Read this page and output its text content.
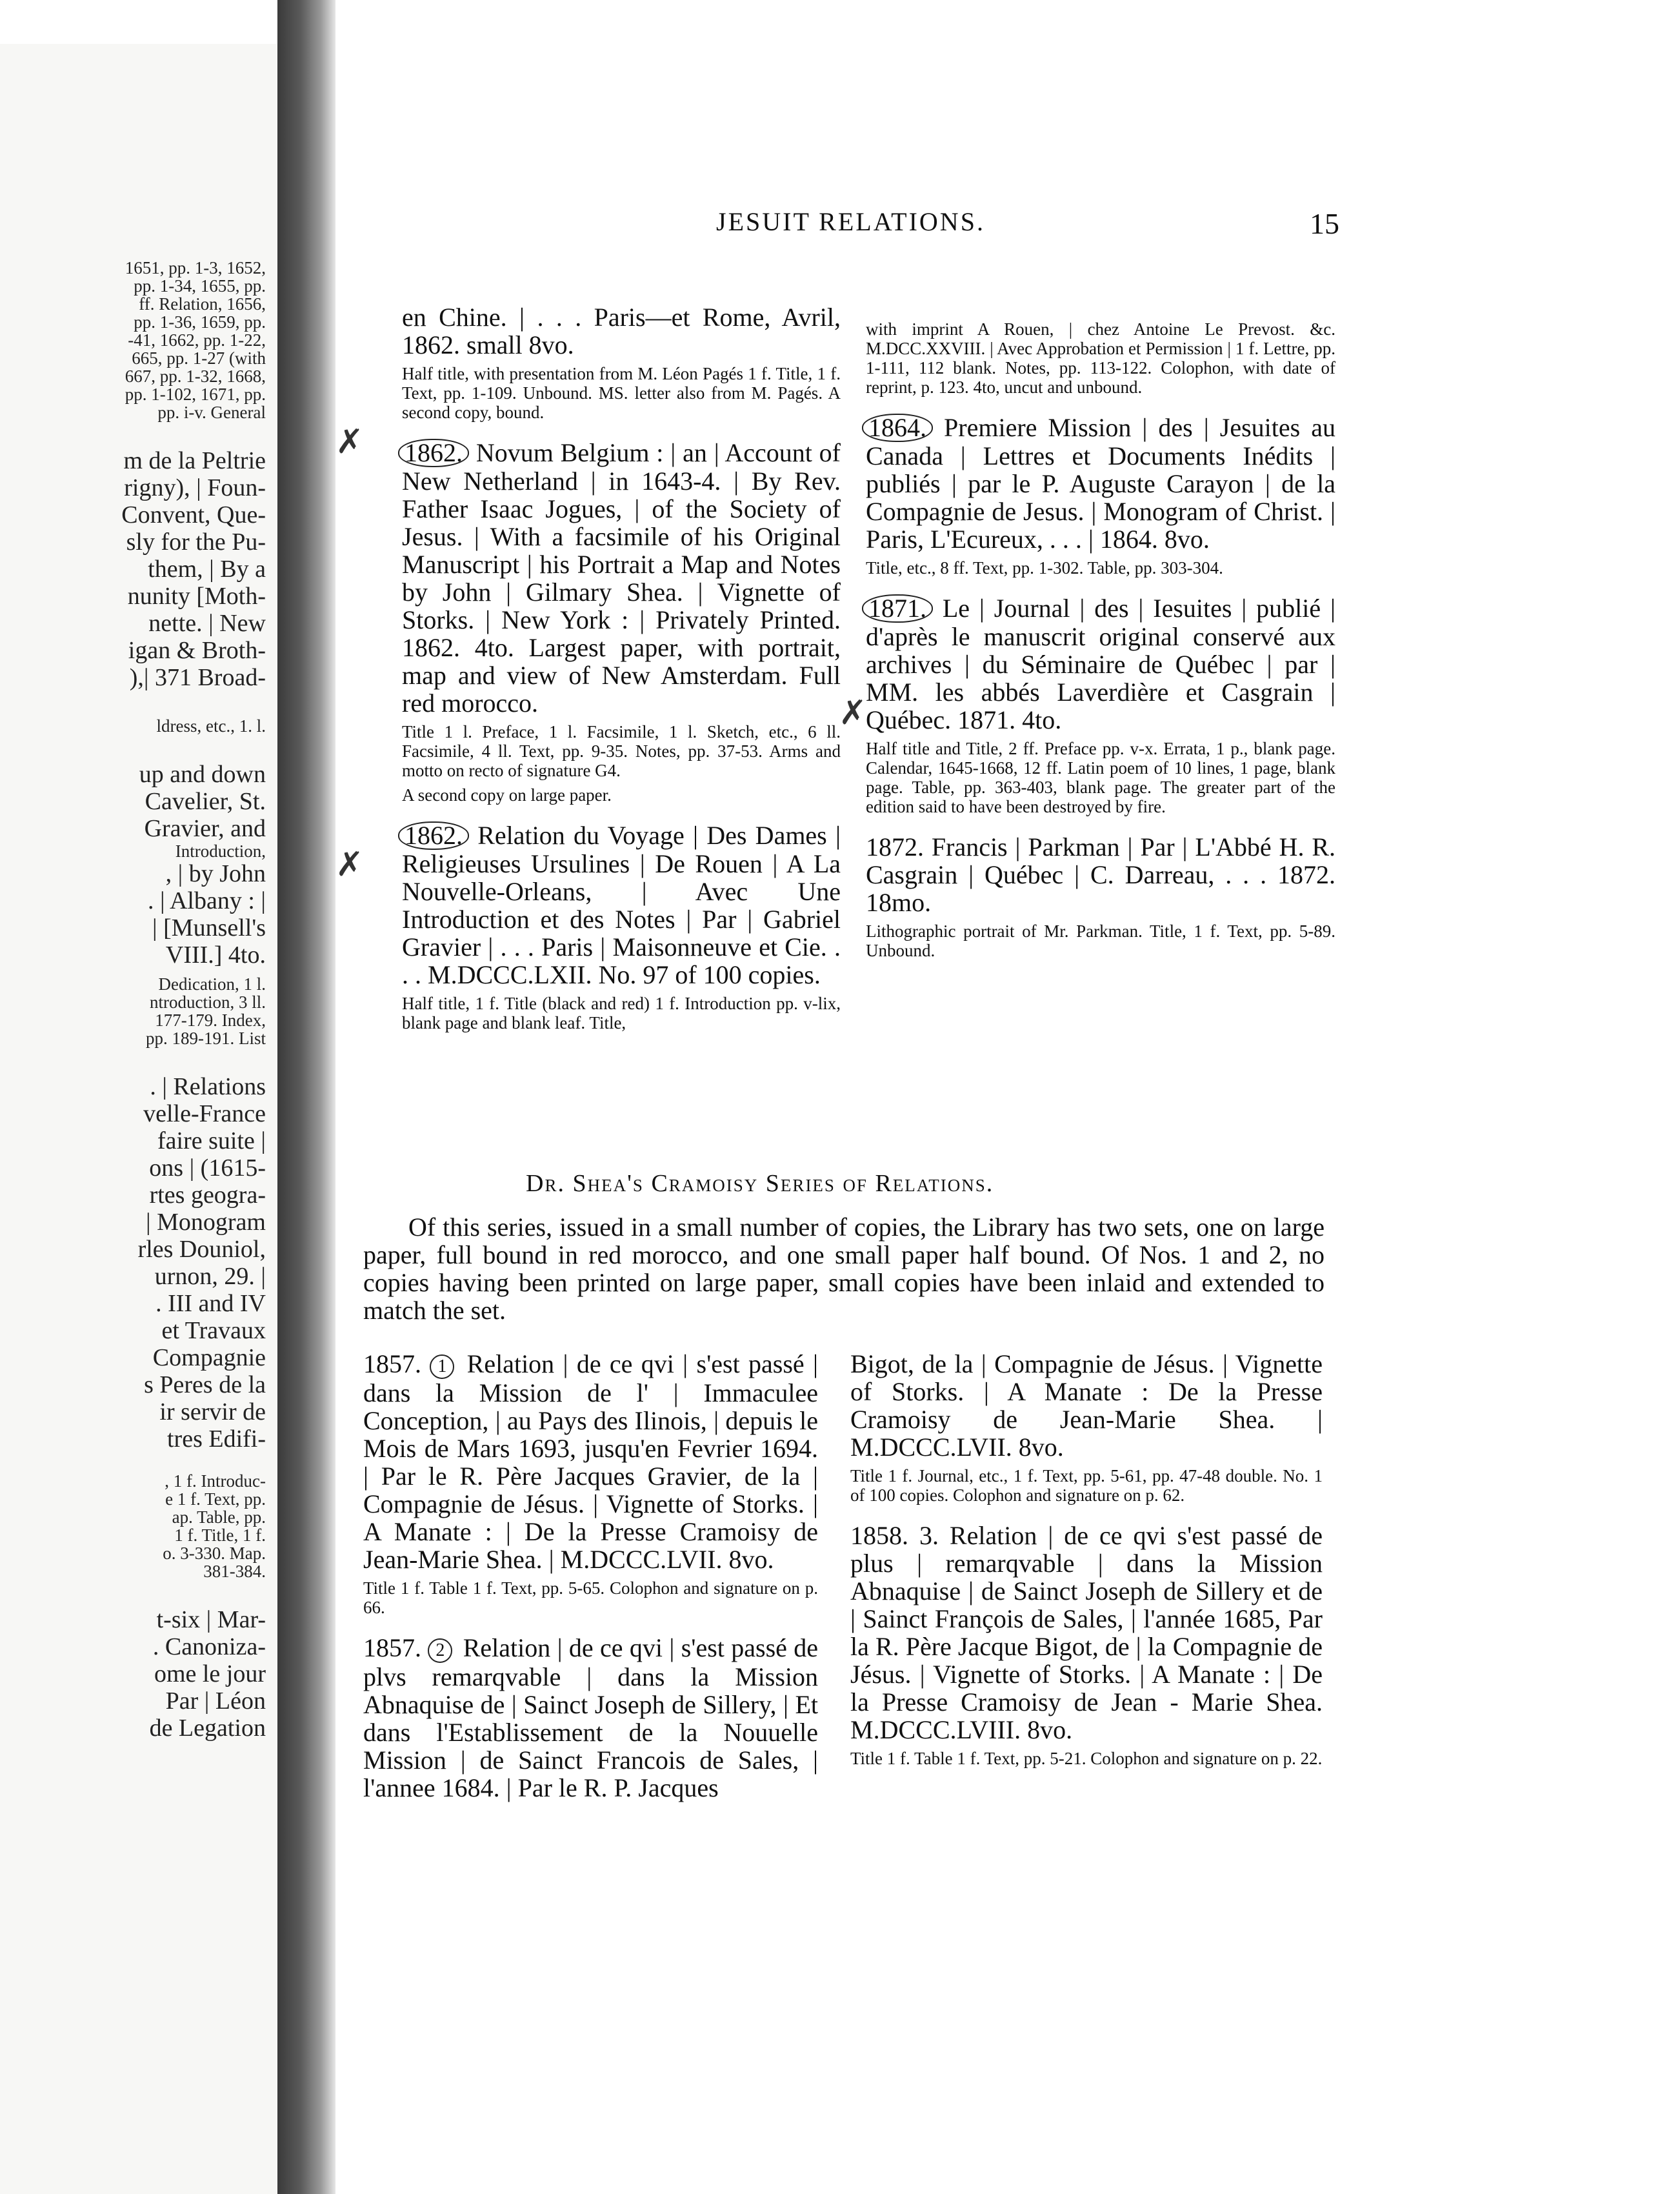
1651, pp. 1-3, 1652,
pp. 1-34, 1655, pp.
ff. Relation, 1656,
pp. 1-36, 1659, pp.
-41, 1662, pp. 1-22,
665, pp. 1-27 (with
667, pp. 1-32, 1668,
pp. 1-102, 1671, pp.
pp. i-v. General
m de la Peltrie
rigny), | Foun-
Convent, Que-
sly for the Pu-
them, | By a
nunity [Moth-
nette. | New
igan & Broth-
),| 371 Broad-
ldress, etc., 1. l.
up and down
Cavelier, St.
Gravier, and
Introduction,
, | by John
. | Albany : |
| [Munsell's
VIII.] 4to.
Dedication, 1 l.
ntroduction, 3 ll.
177-179. Index,
pp. 189-191. List
. | Relations
velle-France
faire suite |
ons | (1615-
rtes geogra-
| Monogram
rles Douniol,
urnon, 29. |
. III and IV
et Travaux
Compagnie
s Peres de la
ir servir de
tres Edifi-
, 1 f. Introduc-
e 1 f. Text, pp.
ap. Table, pp.
1 f. Title, 1 f.
o. 3-330. Map.
381-384.
t-six | Mar-
. Canoniza-
ome le jour
Par | Léon
de Legation
JESUIT RELATIONS.	15

en Chine. | . . . Paris—et Rome, Avril, 1862. small 8vo.

Half title, with presentation from M. Léon Pagés 1 f. Title, 1 f. Text, pp. 1-109. Unbound. MS. letter also from M. Pagés. A second copy, bound.

1862. Novum Belgium : | an | Account of New Netherland | in 1643-4. | By Rev. Father Isaac Jogues, | of the Society of Jesus. | With a facsimile of his Original Manuscript | his Portrait a Map and Notes by John | Gilmary Shea. | Vignette of Storks. | New York : | Privately Printed. 1862. 4to. Largest paper, with portrait, map and view of New Amsterdam. Full red morocco.

Title 1 l. Preface, 1 l. Facsimile, 1 l. Sketch, etc., 6 ll. Facsimile, 4 ll. Text, pp. 9-35. Notes, pp. 37-53. Arms and motto on recto of signature G4.

A second copy on large paper.

1862. Relation du Voyage | Des Dames | Religieuses Ursulines | De Rouen | A La Nouvelle-Orleans, | Avec Une Introduction et des Notes | Par | Gabriel Gravier | . . . Paris | Maisonneuve et Cie. . . . M.DCCC.LXII. No. 97 of 100 copies.

Half title, 1 f. Title (black and red) 1 f. Introduction pp. v-lix, blank page and blank leaf. Title,

✗
✗

with imprint A Rouen, | chez Antoine Le Prevost. &c. M.DCC.XXVIII. | Avec Approbation et Permission | 1 f. Lettre, pp. 1-111, 112 blank. Notes, pp. 113-122. Colophon, with date of reprint, p. 123. 4to, uncut and unbound.

1864. Premiere Mission | des | Jesuites au Canada | Lettres et Documents Inédits | publiés | par le P. Auguste Carayon | de la Compagnie de Jesus. | Monogram of Christ. | Paris, L'Ecureux, . . . | 1864. 8vo.

Title, etc., 8 ff. Text, pp. 1-302. Table, pp. 303-304.

1871. Le | Journal | des | Iesuites | publié | d'après le manuscrit original conservé aux archives | du Séminaire de Québec | par | MM. les abbés Laverdière et Casgrain | Québec. 1871. 4to.

Half title and Title, 2 ff. Preface pp. v-x. Errata, 1 p., blank page. Calendar, 1645-1668, 12 ff. Latin poem of 10 lines, 1 page, blank page. Table, pp. 363-403, blank page. The greater part of the edition said to have been destroyed by fire.

1872. Francis | Parkman | Par | L'Abbé H. R. Casgrain | Québec | C. Darreau, . . . 1872. 18mo.

Lithographic portrait of Mr. Parkman. Title, 1 f. Text, pp. 5-89. Unbound.

✗
Dr. Shea's Cramoisy Series of Relations.

Of this series, issued in a small number of copies, the Library has two sets, one on large paper, full bound in red morocco, and one small paper half bound. Of Nos. 1 and 2, no copies having been printed on large paper, small copies have been inlaid and extended to match the set.

1857. 1 Relation | de ce qvi | s'est passé | dans la Mission de l' | Immaculee Conception, | au Pays des Ilinois, | depuis le Mois de Mars 1693, jusqu'en Fevrier 1694. | Par le R. Père Jacques Gravier, de la | Compagnie de Jésus. | Vignette of Storks. | A Manate : | De la Presse Cramoisy de Jean-Marie Shea. | M.DCCC.LVII. 8vo.

Title 1 f. Table 1 f. Text, pp. 5-65. Colophon and signature on p. 66.

1857. 2 Relation | de ce qvi | s'est passé de plvs remarqvable | dans la Mission Abnaquise de | Sainct Joseph de Sillery, | Et dans l'Establissement de la Nouuelle Mission | de Sainct Francois de Sales, | l'annee 1684. | Par le R. P. Jacques

Bigot, de la | Compagnie de Jésus. | Vignette of Storks. | A Manate : De la Presse Cramoisy de Jean-Marie Shea. | M.DCCC.LVII. 8vo.

Title 1 f. Journal, etc., 1 f. Text, pp. 5-61, pp. 47-48 double. No. 1 of 100 copies. Colophon and signature on p. 62.

1858. 3. Relation | de ce qvi s'est passé de plus | remarqvable | dans la Mission Abnaquise | de Sainct Joseph de Sillery et de | Sainct François de Sales, | l'année 1685, Par la R. Père Jacque Bigot, de | la Compagnie de Jésus. | Vignette of Storks. | A Manate : | De la Presse Cramoisy de Jean - Marie Shea. M.DCCC.LVIII. 8vo.

Title 1 f. Table 1 f. Text, pp. 5-21. Colophon and signature on p. 22.
